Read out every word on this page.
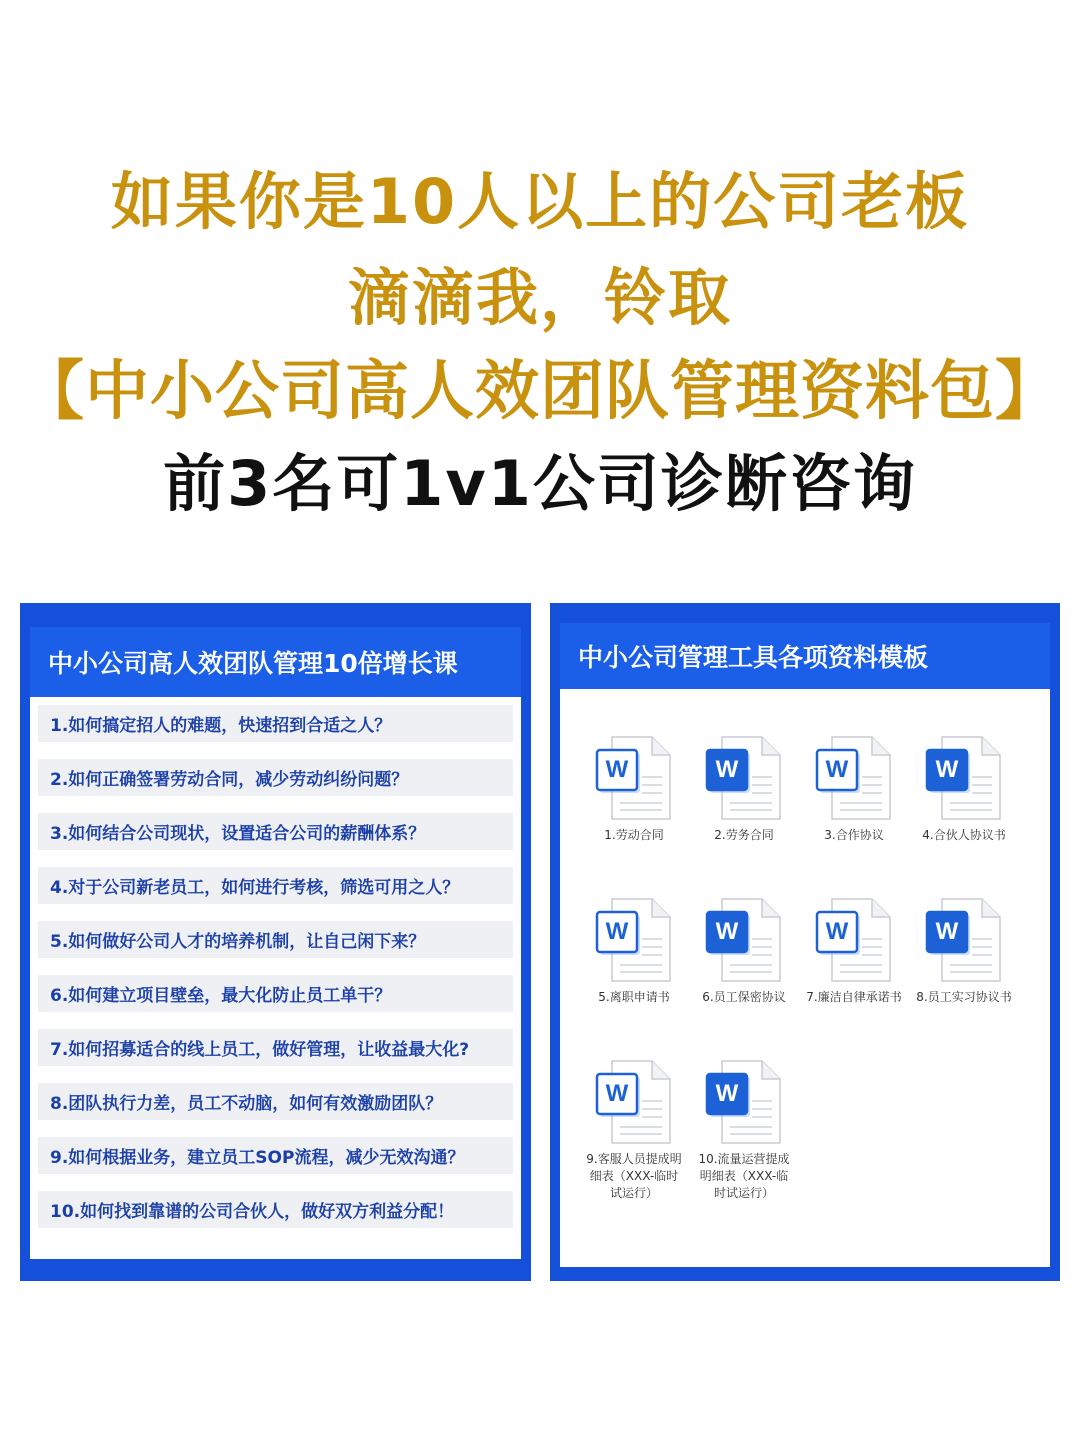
如果你是10人以上的公司老板
滴滴我，铃取
【中小公司高人效团队管理资料包】
前3名可1v1公司诊断咨询
中小公司高人效团队管理10倍增长课
1.如何搞定招人的难题，快速招到合适之人？
2.如何正确签署劳动合同，减少劳动纠纷问题？
3.如何结合公司现状，设置适合公司的薪酬体系？
4.对于公司新老员工，如何进行考核，筛选可用之人？
5.如何做好公司人才的培养机制，让自己闲下来？
6.如何建立项目壁垒，最大化防止员工单干？
7.如何招募适合的线上员工，做好管理，让收益最大化?
8.团队执行力差，员工不动脑，如何有效激励团队？
9.如何根据业务，建立员工SOP流程，减少无效沟通？
10.如何找到靠谱的公司合伙人，做好双方利益分配！
中小公司管理工具各项资料模板
W
1.劳动合同
W
2.劳务合同
W
3.合作协议
W
4.合伙人协议书
W
5.离职申请书
W
6.员工保密协议
W
7.廉洁自律承诺书
W
8.员工实习协议书
W
9.客服人员提成明细表（XXX-临时试运行）
W
10.流量运营提成明细表（XXX-临时试运行）
